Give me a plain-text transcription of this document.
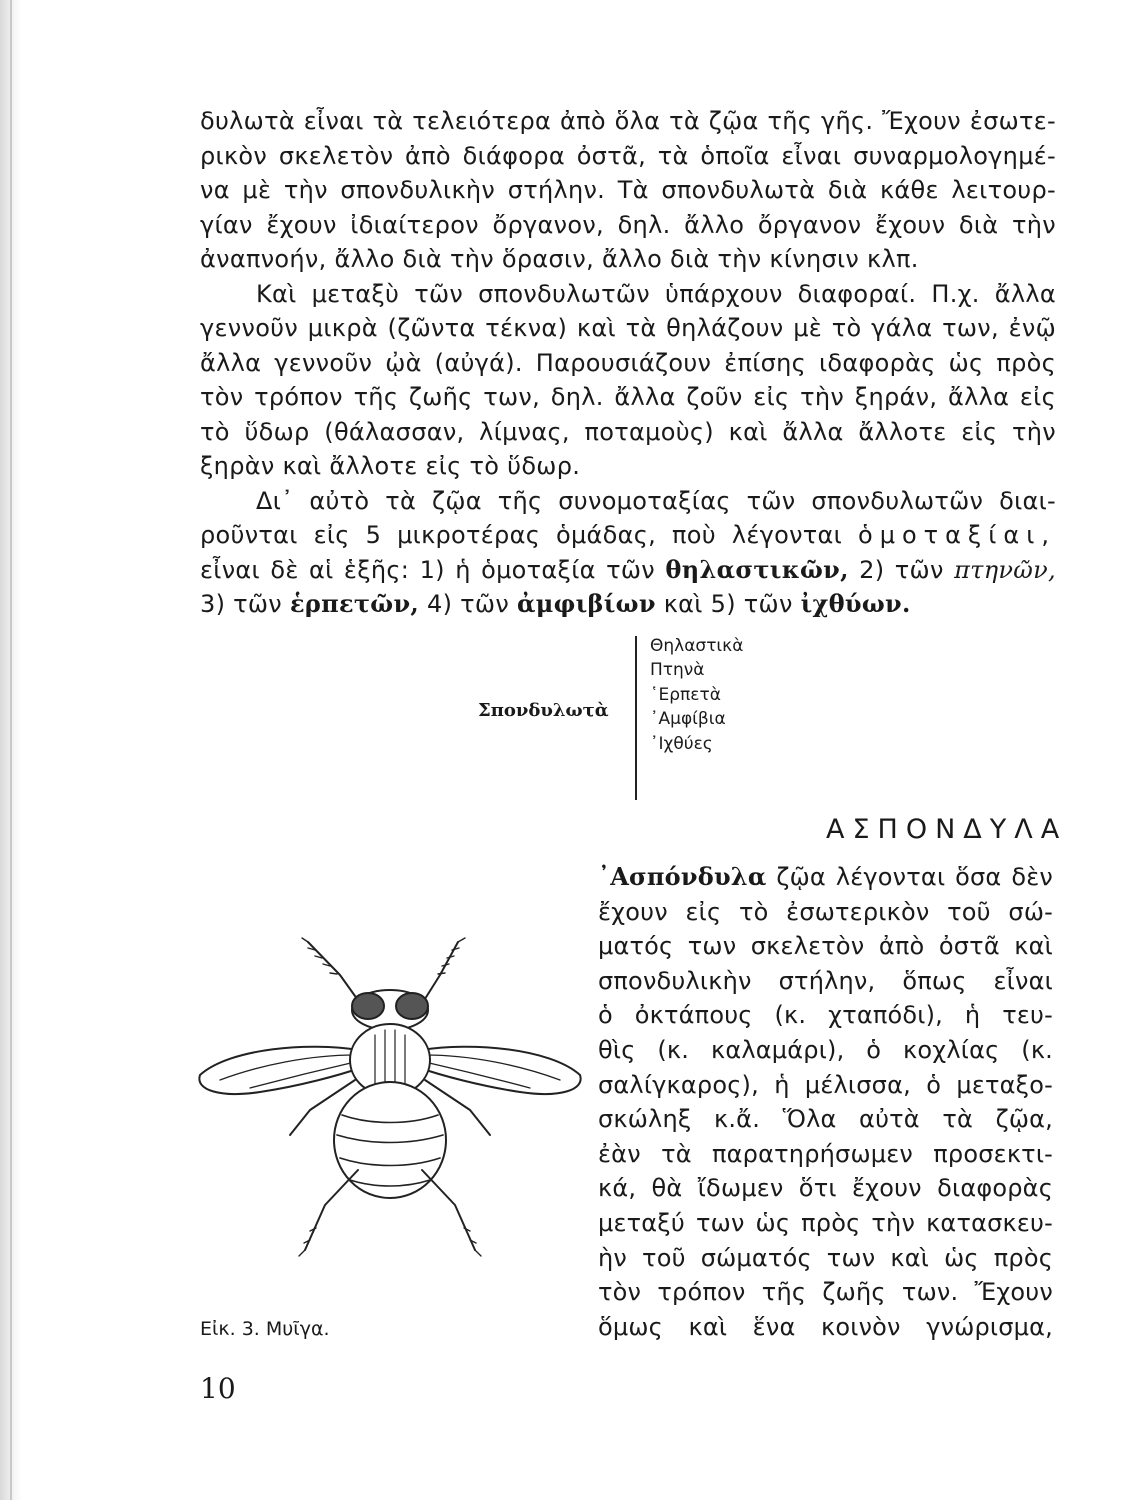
δυλωτὰ εἶναι τὰ τελειότερα ἀπὸ ὅλα τὰ ζῷα τῆς γῆς. Ἔχουν ἐσωτε-

ρικὸν σκελετὸν ἀπὸ διάφορα ὀστᾶ, τὰ ὁποῖα εἶναι συναρμολογημέ-

να μὲ τὴν σπονδυλικὴν στήλην. Τὰ σπονδυλωτὰ διὰ κάθε λειτουρ-

γίαν ἔχουν ἰδιαίτερον ὄργανον, δηλ. ἄλλο ὄργανον ἔχουν διὰ τὴν

ἀναπνοήν, ἄλλο διὰ τὴν ὅρασιν, ἄλλο διὰ τὴν κίνησιν κλπ.

Καὶ μεταξὺ τῶν σπονδυλωτῶν ὑπάρχουν διαφοραί. Π.χ. ἄλλα

γεννοῦν μικρὰ (ζῶντα τέκνα) καὶ τὰ θηλάζουν μὲ τὸ γάλα των, ἐνῷ

ἄλλα γεννοῦν ᾠὰ (αὐγά). Παρουσιάζουν ἐπίσης ιδαφορὰς ὡς πρὸς

τὸν τρόπον τῆς ζωῆς των, δηλ. ἄλλα ζοῦν εἰς τὴν ξηράν, ἄλλα εἰς

τὸ ὕδωρ (θάλασσαν, λίμνας, ποταμοὺς) καὶ ἄλλα ἄλλοτε εἰς τὴν

ξηρὰν καὶ ἄλλοτε εἰς τὸ ὕδωρ.

Δι᾽ αὐτὸ τὰ ζῷα τῆς συνομοταξίας τῶν σπονδυλωτῶν διαι-

ροῦνται εἰς 5 μικροτέρας ὁμάδας, ποὺ λέγονται ὁμοταξίαι,

εἶναι δὲ αἱ ἑξῆς: 1) ἡ ὁμοταξία τῶν θηλαστικῶν, 2) τῶν πτηνῶν,

3) τῶν ἑρπετῶν, 4) τῶν ἀμφιβίων καὶ 5) τῶν ἰχθύων.

Σπονδυλωτὰ
Θηλαστικὰ
Πτηνὰ
῾Ερπετὰ
᾽Αμφίβια
᾽Ιχθύες
ΑΣΠΟΝΔΥΛΑ

᾽Ασπόνδυλα ζῷα λέγονται ὅσα δὲν

ἔχουν εἰς τὸ ἐσωτερικὸν τοῦ σώ-

ματός των σκελετὸν ἀπὸ ὀστᾶ καὶ

σπονδυλικὴν στήλην, ὅπως εἶναι

ὁ ὀκτάπους (κ. χταπόδι), ἡ τευ-

θὶς (κ. καλαμάρι), ὁ κοχλίας (κ.

σαλίγκαρος), ἡ μέλισσα, ὁ μεταξο-

σκώληξ κ.ἄ. Ὅλα αὐτὰ τὰ ζῷα,

ἐὰν τὰ παρατηρήσωμεν προσεκτι-

κά, θὰ ἴδωμεν ὅτι ἔχουν διαφορὰς

μεταξύ των ὡς πρὸς τὴν κατασκευ-

ὴν τοῦ σώματός των καὶ ὡς πρὸς

τὸν τρόπον τῆς ζωῆς των. Ἔχουν

ὅμως καὶ ἕνα κοινὸν γνώρισμα,

Εἰκ. 3. Μυῖγα.
10
